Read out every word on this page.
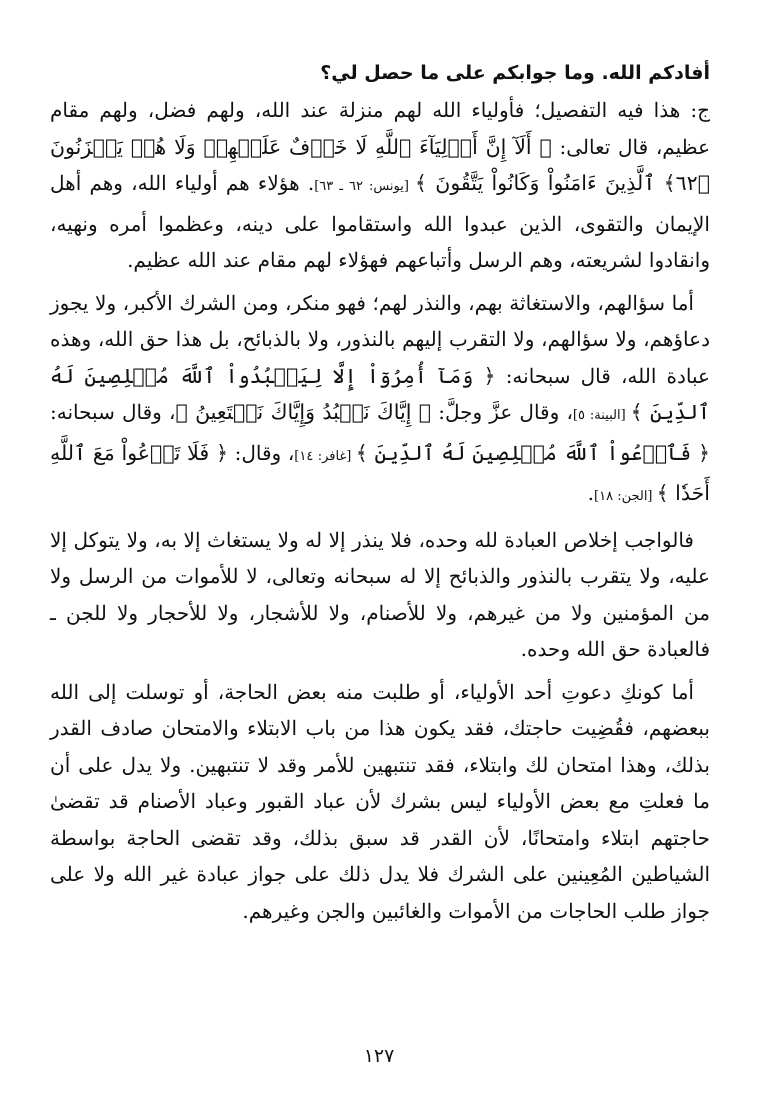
أفادكم الله. وما جوابكم على ما حصل لي؟

ج: هذا فيه التفصيل؛ فأولياء الله لهم منزلة عند الله، ولهم فضل، ولهم مقام عظيم، قال تعالى: ﴿ أَلَآ إِنَّ أَوۡلِيَآءَ ٱللَّهِ لَا خَوۡفٌ عَلَيۡهِمۡ وَلَا هُمۡ يَحۡزَنُونَ ﴿٦٢﴾ ٱلَّذِينَ ءَامَنُواْ وَكَانُواْ يَتَّقُونَ ﴾ [يونس: ٦٢ ـ ٦٣]. هؤلاء هم أولياء الله، وهم أهل الإيمان والتقوى، الذين عبدوا الله واستقاموا على دينه، وعظموا أمره ونهيه، وانقادوا لشريعته، وهم الرسل وأتباعهم فهؤلاء لهم مقام عند الله عظيم.

أما سؤالهم، والاستغاثة بهم، والنذر لهم؛ فهو منكر، ومن الشرك الأكبر، ولا يجوز دعاؤهم، ولا سؤالهم، ولا التقرب إليهم بالنذور، ولا بالذبائح، بل هذا حق الله، وهذه عبادة الله، قال سبحانه: ﴿ وَمَآ أُمِرُوٓاْ إِلَّا لِيَعۡبُدُواْ ٱللَّهَ مُخۡلِصِينَ لَهُ ٱلدِّينَ ﴾ [البينة: ٥]، وقال عزَّ وجلَّ: ﴿ إِيَّاكَ نَعۡبُدُ وَإِيَّاكَ نَسۡتَعِينُ ﴾، وقال سبحانه: ﴿ فَٱدۡعُواْ ٱللَّهَ مُخۡلِصِينَ لَهُ ٱلدِّينَ ﴾ [غافر: ١٤]، وقال: ﴿ فَلَا تَدۡعُواْ مَعَ ٱللَّهِ أَحَدٗا ﴾ [الجن: ١٨].

فالواجب إخلاص العبادة لله وحده، فلا ينذر إلا له ولا يستغاث إلا به، ولا يتوكل إلا عليه، ولا يتقرب بالنذور والذبائح إلا له سبحانه وتعالى، لا للأموات من الرسل ولا من المؤمنين ولا من غيرهم، ولا للأصنام، ولا للأشجار، ولا للأحجار ولا للجن ـ فالعبادة حق الله وحده.

أما كونكِ دعوتِ أحد الأولياء، أو طلبت منه بعض الحاجة، أو توسلت إلى الله ببعضهم، فقُضِيت حاجتك، فقد يكون هذا من باب الابتلاء والامتحان صادف القدر بذلك، وهذا امتحان لك وابتلاء، فقد تنتبهين للأمر وقد لا تنتبهين. ولا يدل على أن ما فعلتِ مع بعض الأولياء ليس بشرك لأن عباد القبور وعباد الأصنام قد تقضىٰ حاجتهم ابتلاء وامتحانًا، لأن القدر قد سبق بذلك، وقد تقضى الحاجة بواسطة الشياطين المُعِينين على الشرك فلا يدل ذلك على جواز عبادة غير الله ولا على جواز طلب الحاجات من الأموات والغائبين والجن وغيرهم.

١٢٧
